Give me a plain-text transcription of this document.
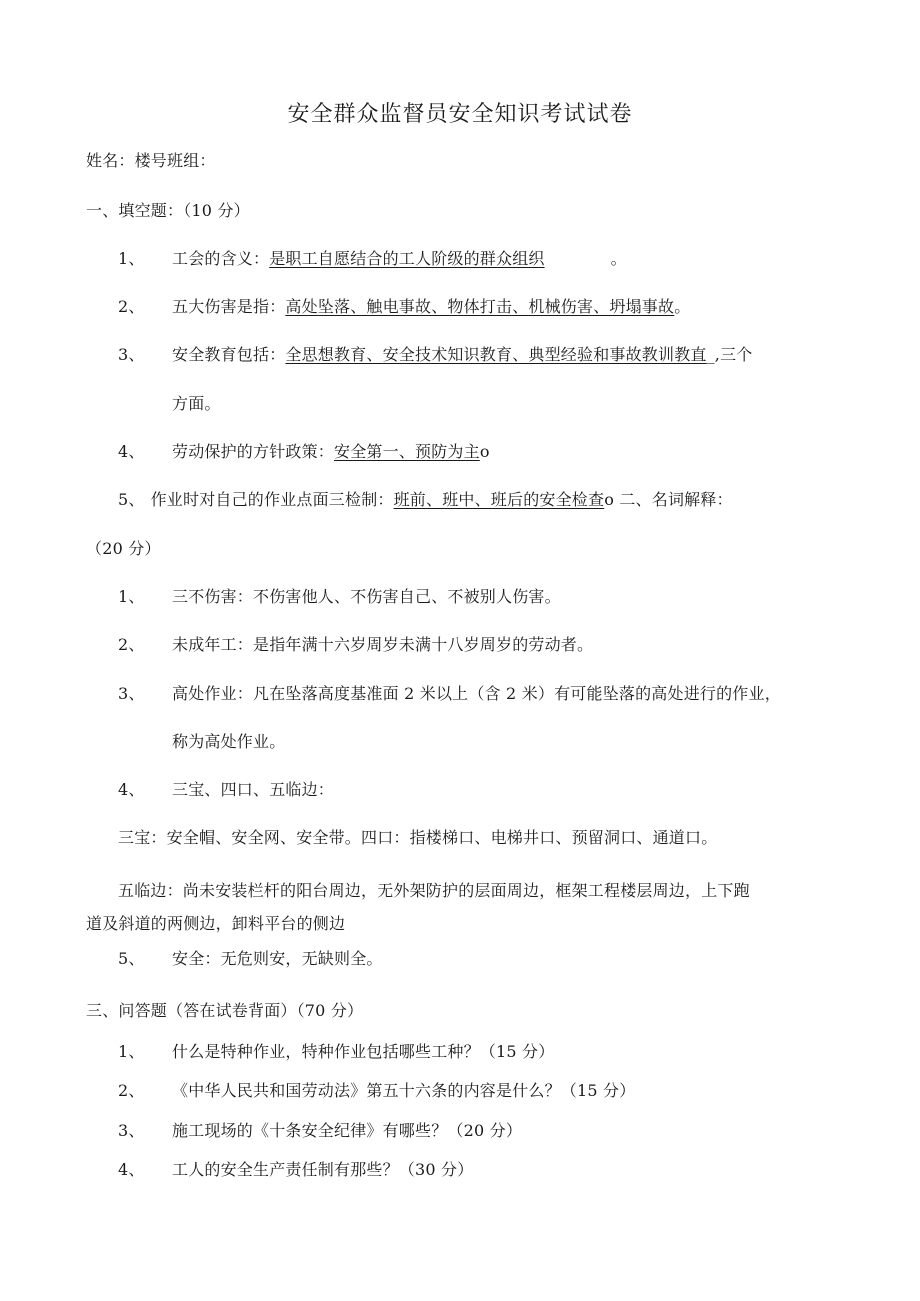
安全群众监督员安全知识考试试卷
姓名：楼号班组：
一、填空题：（10 分）
1、 工会的含义：是职工自愿结合的工人阶级的群众组织	。
2、 五大伤害是指：高处坠落、触电事故、物体打击、机械伤害、坍塌事故。
3、 安全教育包括：全思想教育、安全技术知识教育、典型经验和事故教训教直_,三个
方面。
4、 劳动保护的方针政策：安全第一、预防为主o
5、 作业时对自己的作业点面三检制：班前、班中、班后的安全检查o 二、名词解释：
（20 分）
1、 三不伤害：不伤害他人、不伤害自己、不被别人伤害。
2、 未成年工：是指年满十六岁周岁未满十八岁周岁的劳动者。
3、 高处作业：凡在坠落高度基准面 2 米以上（含 2 米）有可能坠落的高处进行的作业，
称为高处作业。
4、 三宝、四口、五临边：
三宝：安全帽、安全网、安全带。四口：指楼梯口、电梯井口、预留洞口、通道口。
五临边：尚未安装栏杆的阳台周边，无外架防护的层面周边，框架工程楼层周边，上下跑
道及斜道的两侧边，卸料平台的侧边
5、 安全：无危则安，无缺则全。
三、问答题（答在试卷背面）（70 分）
1、 什么是特种作业，特种作业包括哪些工种？（15 分）
2、 《中华人民共和国劳动法》第五十六条的内容是什么？（15 分）
3、 施工现场的《十条安全纪律》有哪些？（20 分）
4、 工人的安全生产责任制有那些？（30 分）
